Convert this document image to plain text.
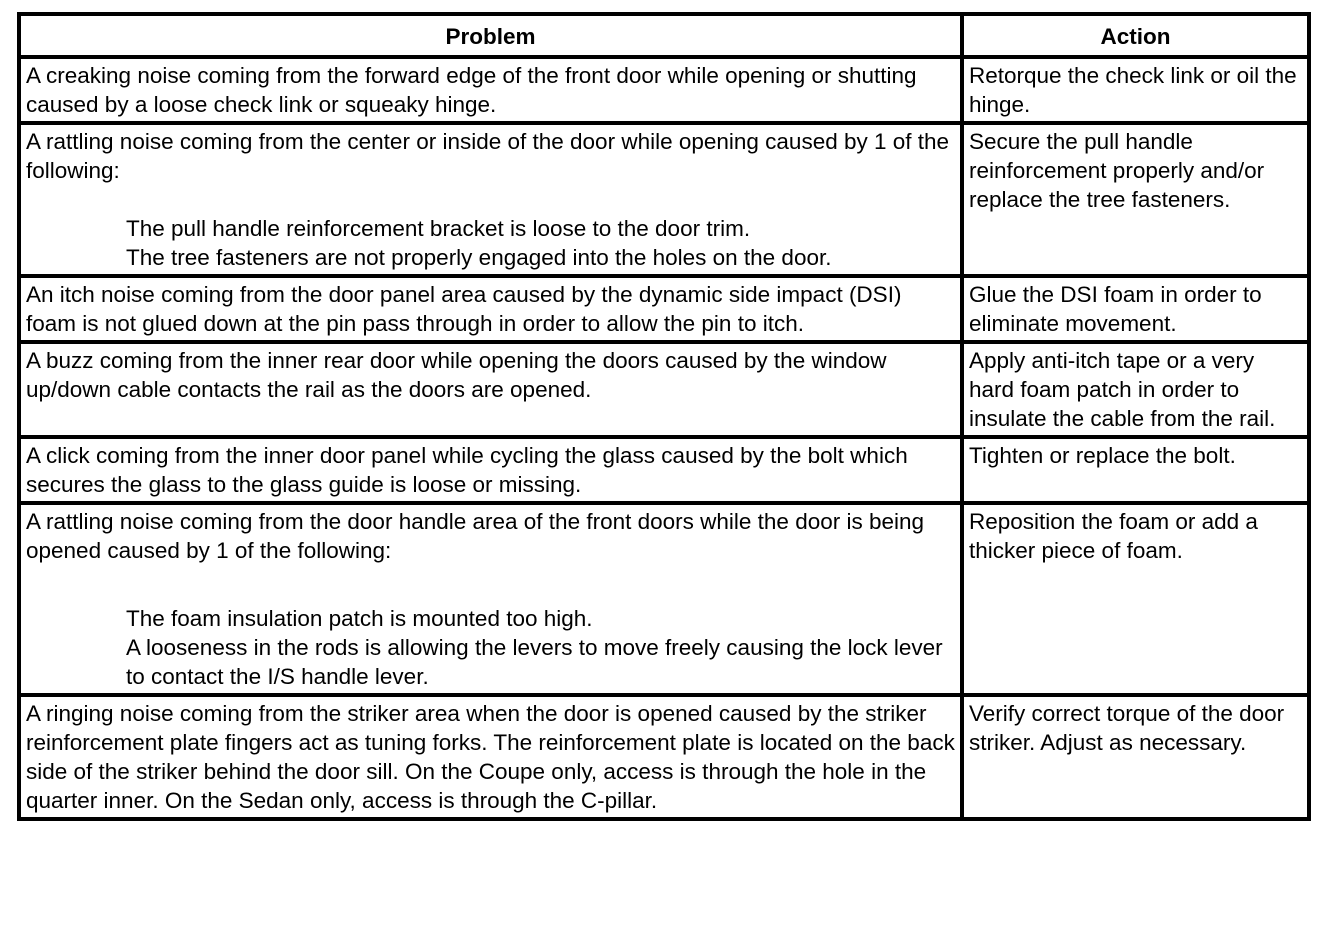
Problem	Action
A creaking noise coming from the forward edge of the front door while opening or shutting caused by a loose check link or squeaky hinge.	Retorque the check link or oil the hinge.

A rattling noise coming from the center or inside of the door while opening caused by 1 of the following:
The pull handle reinforcement bracket is loose to the door trim.
The tree fasteners are not properly engaged into the holes on the door.	Secure the pull handle reinforcement properly and/or replace the tree fasteners.
An itch noise coming from the door panel area caused by the dynamic side impact (DSI) foam is not glued down at the pin pass through in order to allow the pin to itch.	Glue the DSI foam in order to eliminate movement.
A buzz coming from the inner rear door while opening the doors caused by the window up/down cable contacts the rail as the doors are opened.	Apply anti-itch tape or a very hard foam patch in order to insulate the cable from the rail.
A click coming from the inner door panel while cycling the glass caused by the bolt which secures the glass to the glass guide is loose or missing.	Tighten or replace the bolt.

A rattling noise coming from the door handle area of the front doors while the door is being opened caused by 1 of the following:
The foam insulation patch is mounted too high.
A looseness in the rods is allowing the levers to move freely causing the lock lever to contact the I/S handle lever.	Reposition the foam or add a thicker piece of foam.
A ringing noise coming from the striker area when the door is opened caused by the striker reinforcement plate fingers act as tuning forks. The reinforcement plate is located on the back side of the striker behind the door sill. On the Coupe only, access is through the hole in the quarter inner. On the Sedan only, access is through the C-pillar.	Verify correct torque of the door striker. Adjust as necessary.
